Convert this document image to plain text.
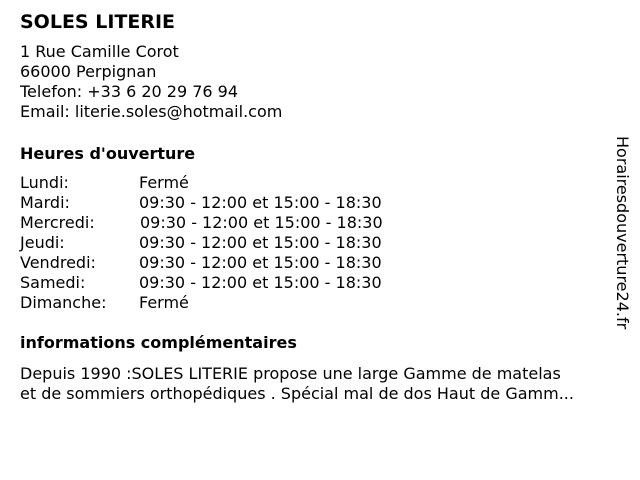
SOLES LITERIE
1 Rue Camille Corot
66000 Perpignan
Telefon: +33 6 20 29 76 94
Email: literie.soles@hotmail.com
Heures d'ouverture
Lundi:	Fermé
Mardi:	09:30 - 12:00 et 15:00 - 18:30
Mercredi:	09:30 - 12:00 et 15:00 - 18:30
Jeudi:	09:30 - 12:00 et 15:00 - 18:30
Vendredi:	09:30 - 12:00 et 15:00 - 18:30
Samedi:	09:30 - 12:00 et 15:00 - 18:30
Dimanche: Fermé
informations complémentaires
Depuis 1990 :SOLES LITERIE propose une large Gamme de matelas
et de sommiers orthopédiques . Spécial mal de dos Haut de Gamm...
Horairesdouverture24.fr
